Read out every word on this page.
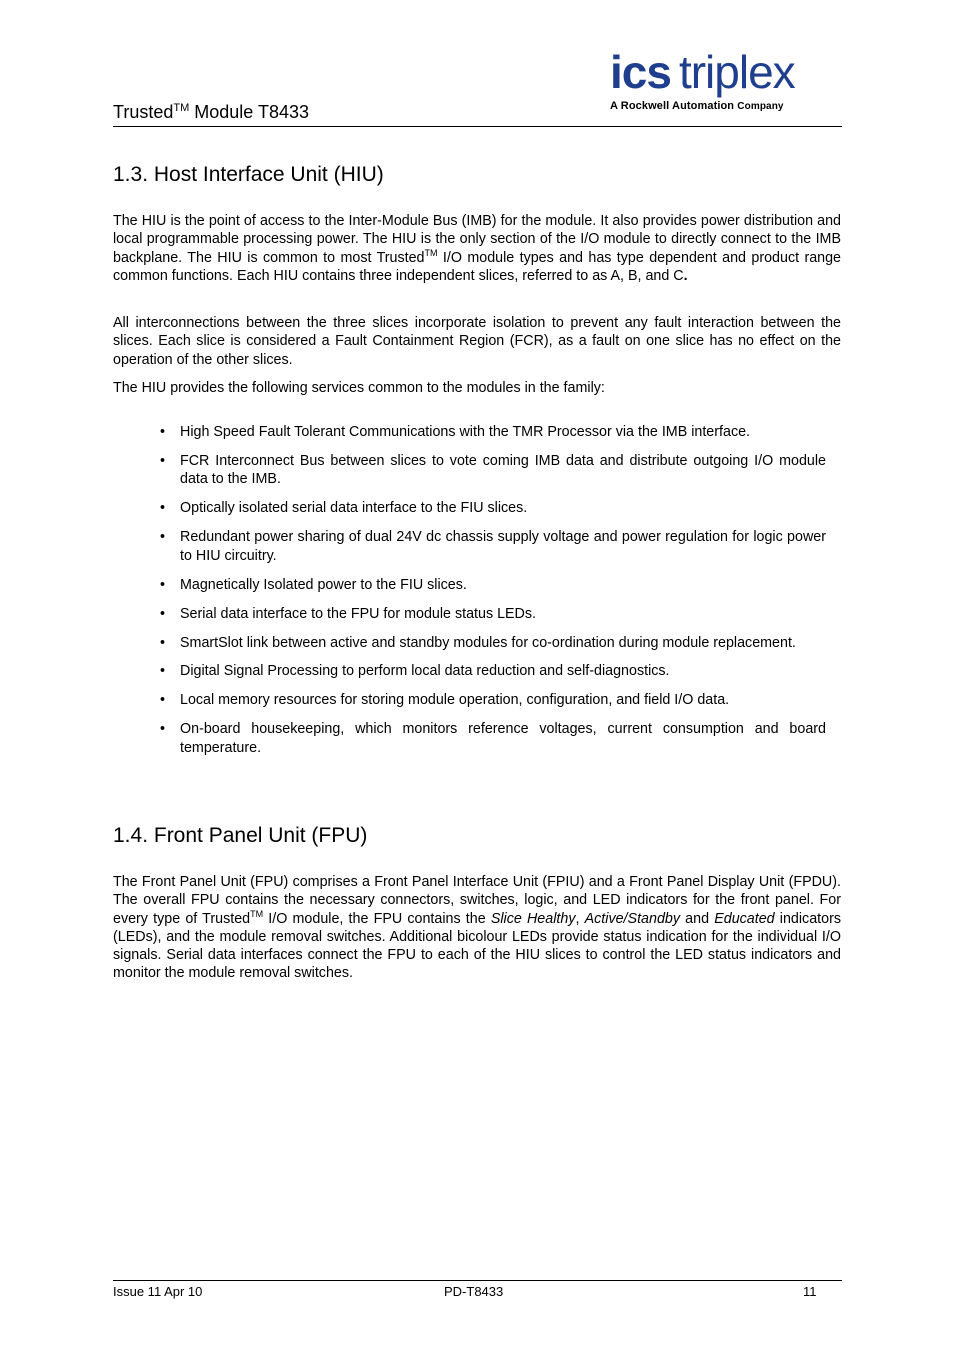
Trusted™ Module T8433
ics triplex
A Rockwell Automation Company
1.3. Host Interface Unit (HIU)

The HIU is the point of access to the Inter-Module Bus (IMB) for the module. It also provides power distribution and local programmable processing power. The HIU is the only section of the I/O module to directly connect to the IMB backplane. The HIU is common to most Trusted™ I/O module types and has type dependent and product range common functions. Each HIU contains three independent slices, referred to as A, B, and C.

All interconnections between the three slices incorporate isolation to prevent any fault interaction between the slices. Each slice is considered a Fault Containment Region (FCR), as a fault on one slice has no effect on the operation of the other slices.

The HIU provides the following services common to the modules in the family:

• High Speed Fault Tolerant Communications with the TMR Processor via the IMB interface.
• FCR Interconnect Bus between slices to vote coming IMB data and distribute outgoing I/O module data to the IMB.
• Optically isolated serial data interface to the FIU slices.
• Redundant power sharing of dual 24V dc chassis supply voltage and power regulation for logic power to HIU circuitry.
• Magnetically Isolated power to the FIU slices.
• Serial data interface to the FPU for module status LEDs.
• SmartSlot link between active and standby modules for co-ordination during module replacement.
• Digital Signal Processing to perform local data reduction and self-diagnostics.
• Local memory resources for storing module operation, configuration, and field I/O data.
• On-board housekeeping, which monitors reference voltages, current consumption and board temperature.
1.4. Front Panel Unit (FPU)

The Front Panel Unit (FPU) comprises a Front Panel Interface Unit (FPIU) and a Front Panel Display Unit (FPDU). The overall FPU contains the necessary connectors, switches, logic, and LED indicators for the front panel. For every type of Trusted™ I/O module, the FPU contains the Slice Healthy, Active/Standby and Educated indicators (LEDs), and the module removal switches. Additional bicolour LEDs provide status indication for the individual I/O signals. Serial data interfaces connect the FPU to each of the HIU slices to control the LED status indicators and monitor the module removal switches.

Issue 11 Apr 10	PD-T8433	11
